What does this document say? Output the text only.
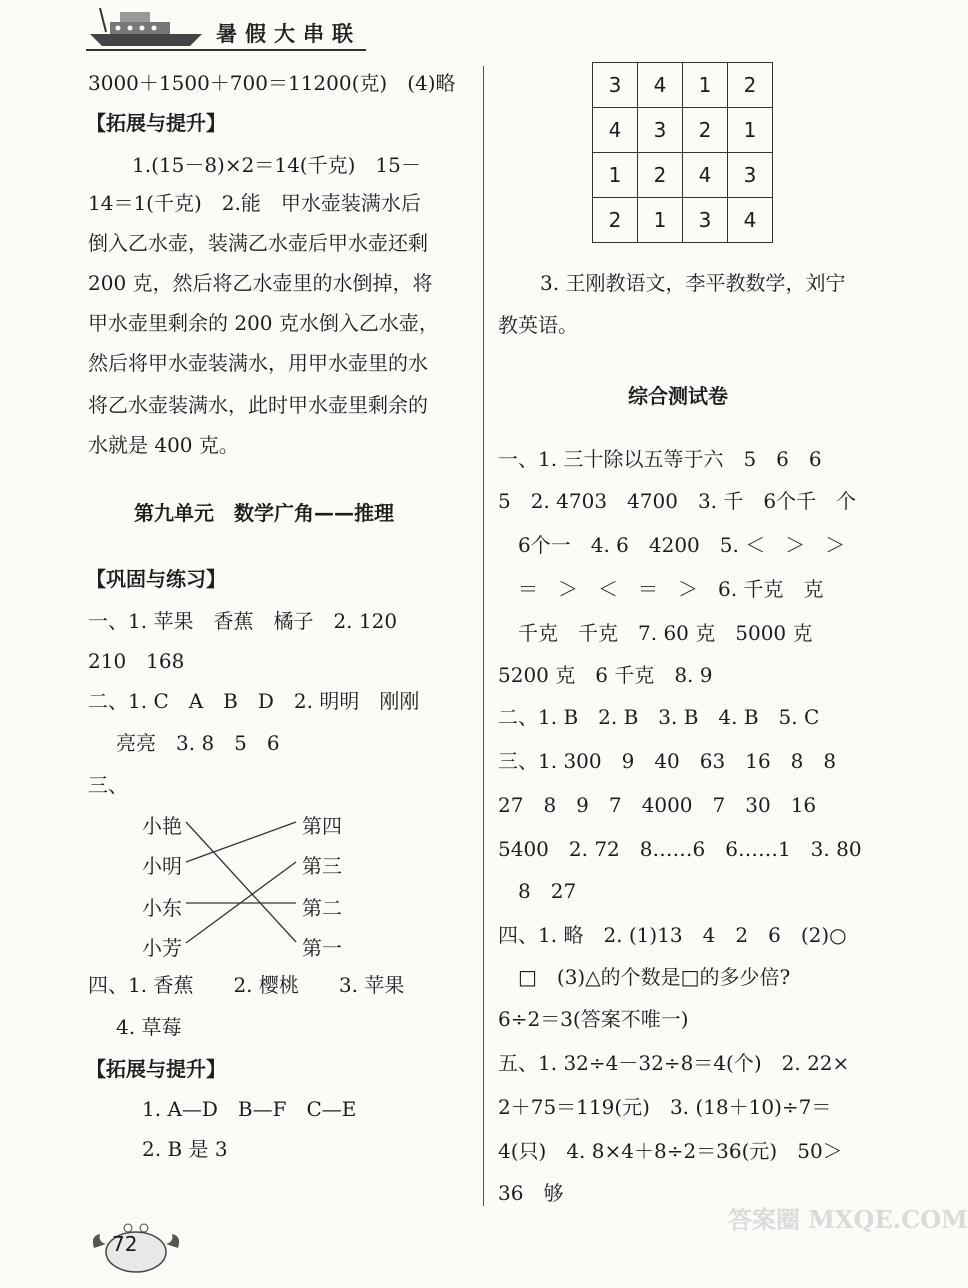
暑假大串联
3000＋1500＋700＝11200(克)　(4)略
【拓展与提升】
1.(15－8)×2＝14(千克)　15－
14＝1(千克)　2.能　甲水壶装满水后
倒入乙水壶，装满乙水壶后甲水壶还剩
200 克，然后将乙水壶里的水倒掉，将
甲水壶里剩余的 200 克水倒入乙水壶，
然后将甲水壶装满水，用甲水壶里的水
将乙水壶装满水，此时甲水壶里剩余的
水就是 400 克。
第九单元　数学广角——推理
【巩固与练习】
一、1. 苹果　香蕉　橘子　2. 120
210　168
二、1. C　A　B　D　2. 明明　刚刚
亮亮　3. 8　5　6
三、
小艳
小明
小东
小芳
第四
第三
第二
第一
四、1. 香蕉　　2. 樱桃　　3. 苹果
4. 草莓
【拓展与提升】
1. A—D　B—F　C—E
2. B 是 3
3	4	1	2
4	3	2	1
1	2	4	3
2	1	3	4
3. 王刚教语文，李平教数学，刘宁
教英语。
综合测试卷
一、1. 三十除以五等于六　5　6　6
5　2. 4703　4700　3. 千　6个千　个
6个一　4. 6　4200　5. ＜　＞　＞
＝　＞　＜　＝　＞　6. 千克　克
千克　千克　7. 60 克　5000 克
5200 克　6 千克　8. 9
二、1. B　2. B　3. B　4. B　5. C
三、1. 300　9　40　63　16　8　8
27　8　9　7　4000　7　30　16
5400　2. 72　8……6　6……1　3. 80
8　27
四、1. 略　2. (1)13　4　2　6　(2)○
□　(3)△的个数是□的多少倍?
6÷2＝3(答案不唯一)
五、1. 32÷4－32÷8＝4(个)　2. 22×
2＋75＝119(元)　3. (18＋10)÷7＝
4(只)　4. 8×4＋8÷2＝36(元)　50＞
36　够
72
答案圈 MXQE.COM
